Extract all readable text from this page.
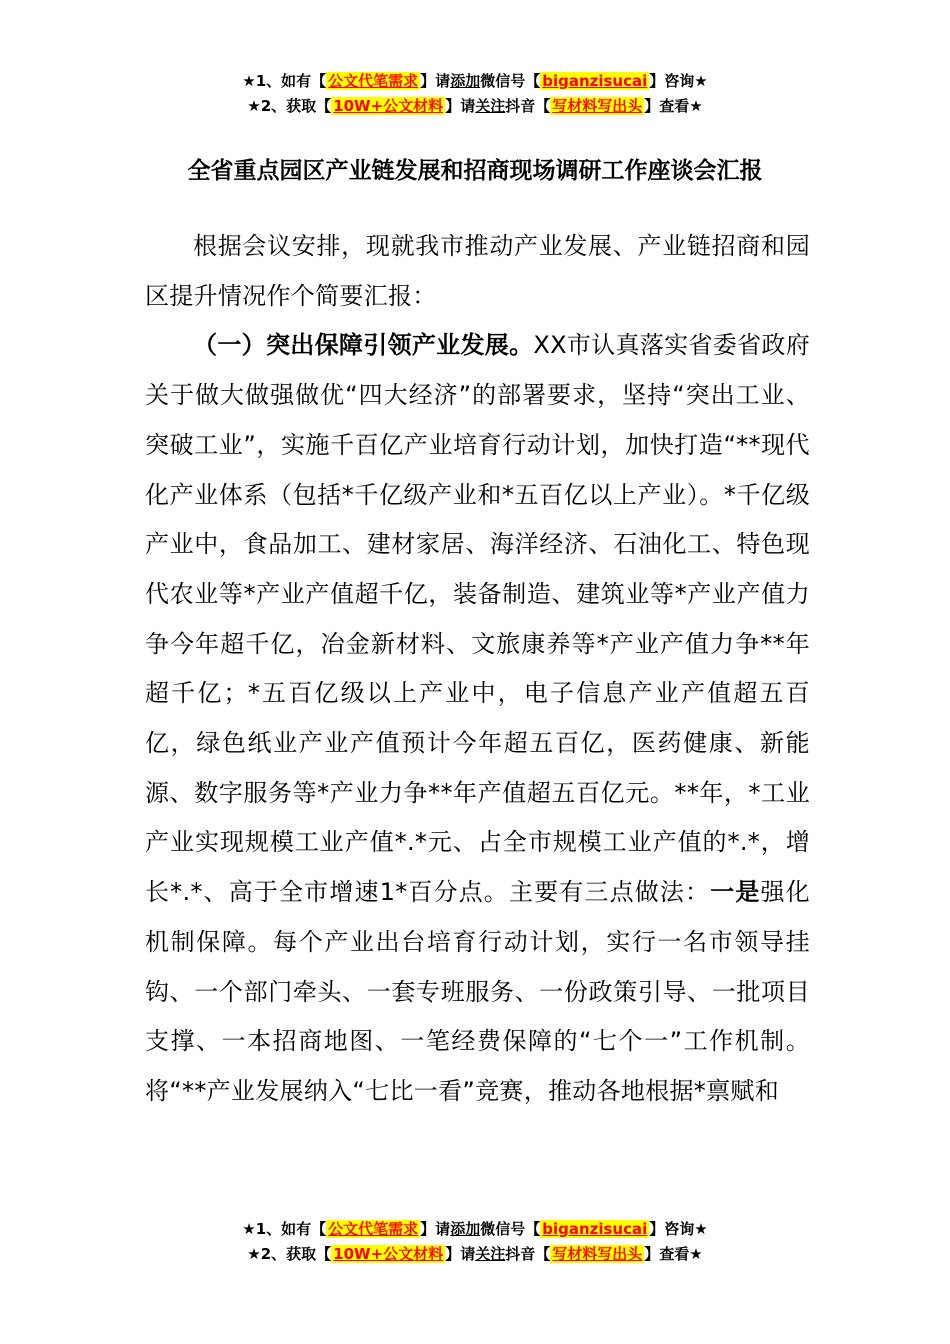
★1、如有【 公文代笔需求 】请添加微信号【 biganzisucai 】咨询★
★2、获取【 10W+公文材料 】请关注抖音【 写材料写出头 】查看★
全省重点园区产业链发展和招商现场调研工作座谈会汇报

根据会议安排，现就我市推动产业发展、产业链招商和园区提升情况作个简要汇报：

（一）突出保障引领产业发展。XX市认真落实省委省政府关于做大做强做优“四大经济”的部署要求，坚持“突出工业、突破工业”，实施千百亿产业培育行动计划，加快打造“**现代化产业体系（包括*千亿级产业和*五百亿以上产业）。*千亿级产业中，食品加工、建材家居、海洋经济、石油化工、特色现代农业等*产业产值超千亿，装备制造、建筑业等*产业产值力争今年超千亿，冶金新材料、文旅康养等*产业产值力争**年超千亿；*五百亿级以上产业中，电子信息产业产值超五百亿，绿色纸业产业产值预计今年超五百亿，医药健康、新能源、数字服务等*产业力争**年产值超五百亿元。**年，*工业产业实现规模工业产值*.*元、占全市规模工业产值的*.*，增长*.*、高于全市增速1*百分点。主要有三点做法：一是强化机制保障。每个产业出台培育行动计划，实行一名市领导挂钩、一个部门牵头、一套专班服务、一份政策引导、一批项目支撑、一本招商地图、一笔经费保障的“七个一”工作机制。将“**产业发展纳入“七比一看”竞赛，推动各地根据*禀赋和

★1、如有【 公文代笔需求 】请添加微信号【 biganzisucai 】咨询★
★2、获取【 10W+公文材料 】请关注抖音【 写材料写出头 】查看★
